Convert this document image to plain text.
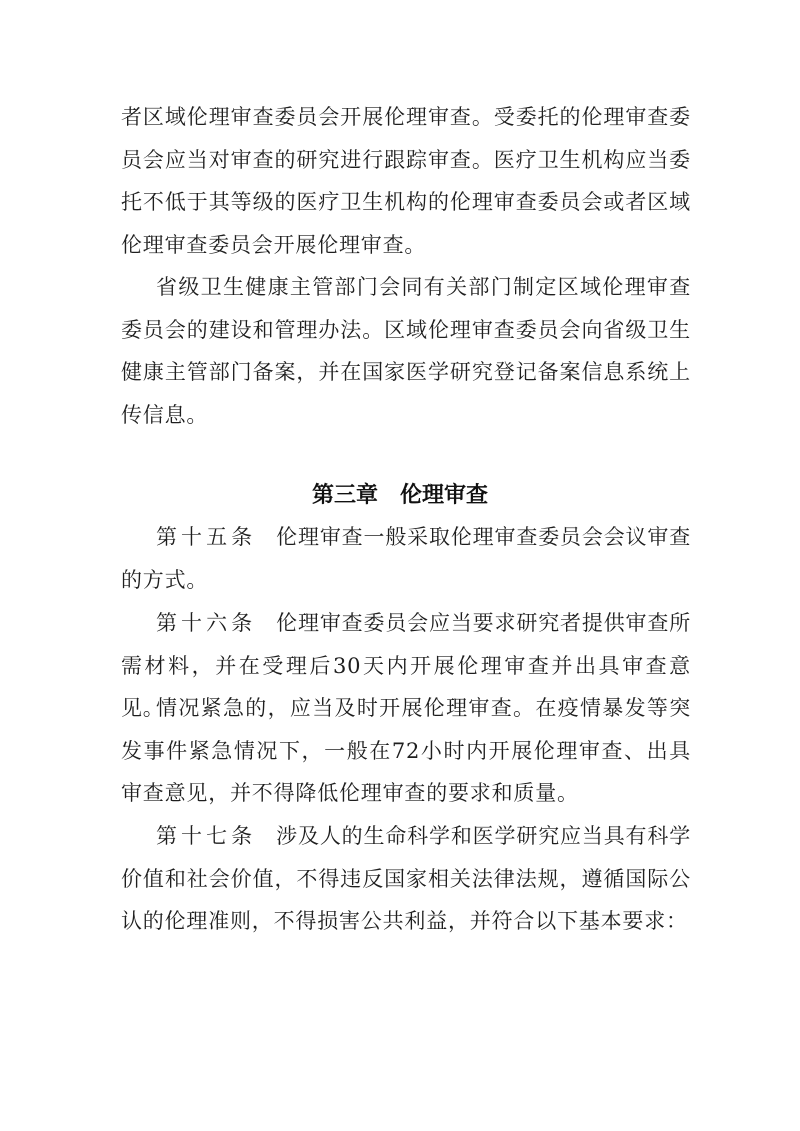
者区域伦理审查委员会开展伦理审查。受委托的伦理审查委员会应当对审查的研究进行跟踪审查。医疗卫生机构应当委托不低于其等级的医疗卫生机构的伦理审查委员会或者区域伦理审查委员会开展伦理审查。

省级卫生健康主管部门会同有关部门制定区域伦理审查委员会的建设和管理办法。区域伦理审查委员会向省级卫生健康主管部门备案，并在国家医学研究登记备案信息系统上传信息。

第三章 伦理审查

第十五条 伦理审查一般采取伦理审查委员会会议审查的方式。

第十六条 伦理审查委员会应当要求研究者提供审查所需材料，并在受理后30天内开展伦理审查并出具审查意见。

情况紧急的，应当及时开展伦理审查。在疫情暴发等突发事件紧急情况下，一般在72小时内开展伦理审查、出具审查意见，并不得降低伦理审查的要求和质量。

第十七条 涉及人的生命科学和医学研究应当具有科学价值和社会价值，不得违反国家相关法律法规，遵循国际公认的伦理准则，不得损害公共利益，并符合以下基本要求：
